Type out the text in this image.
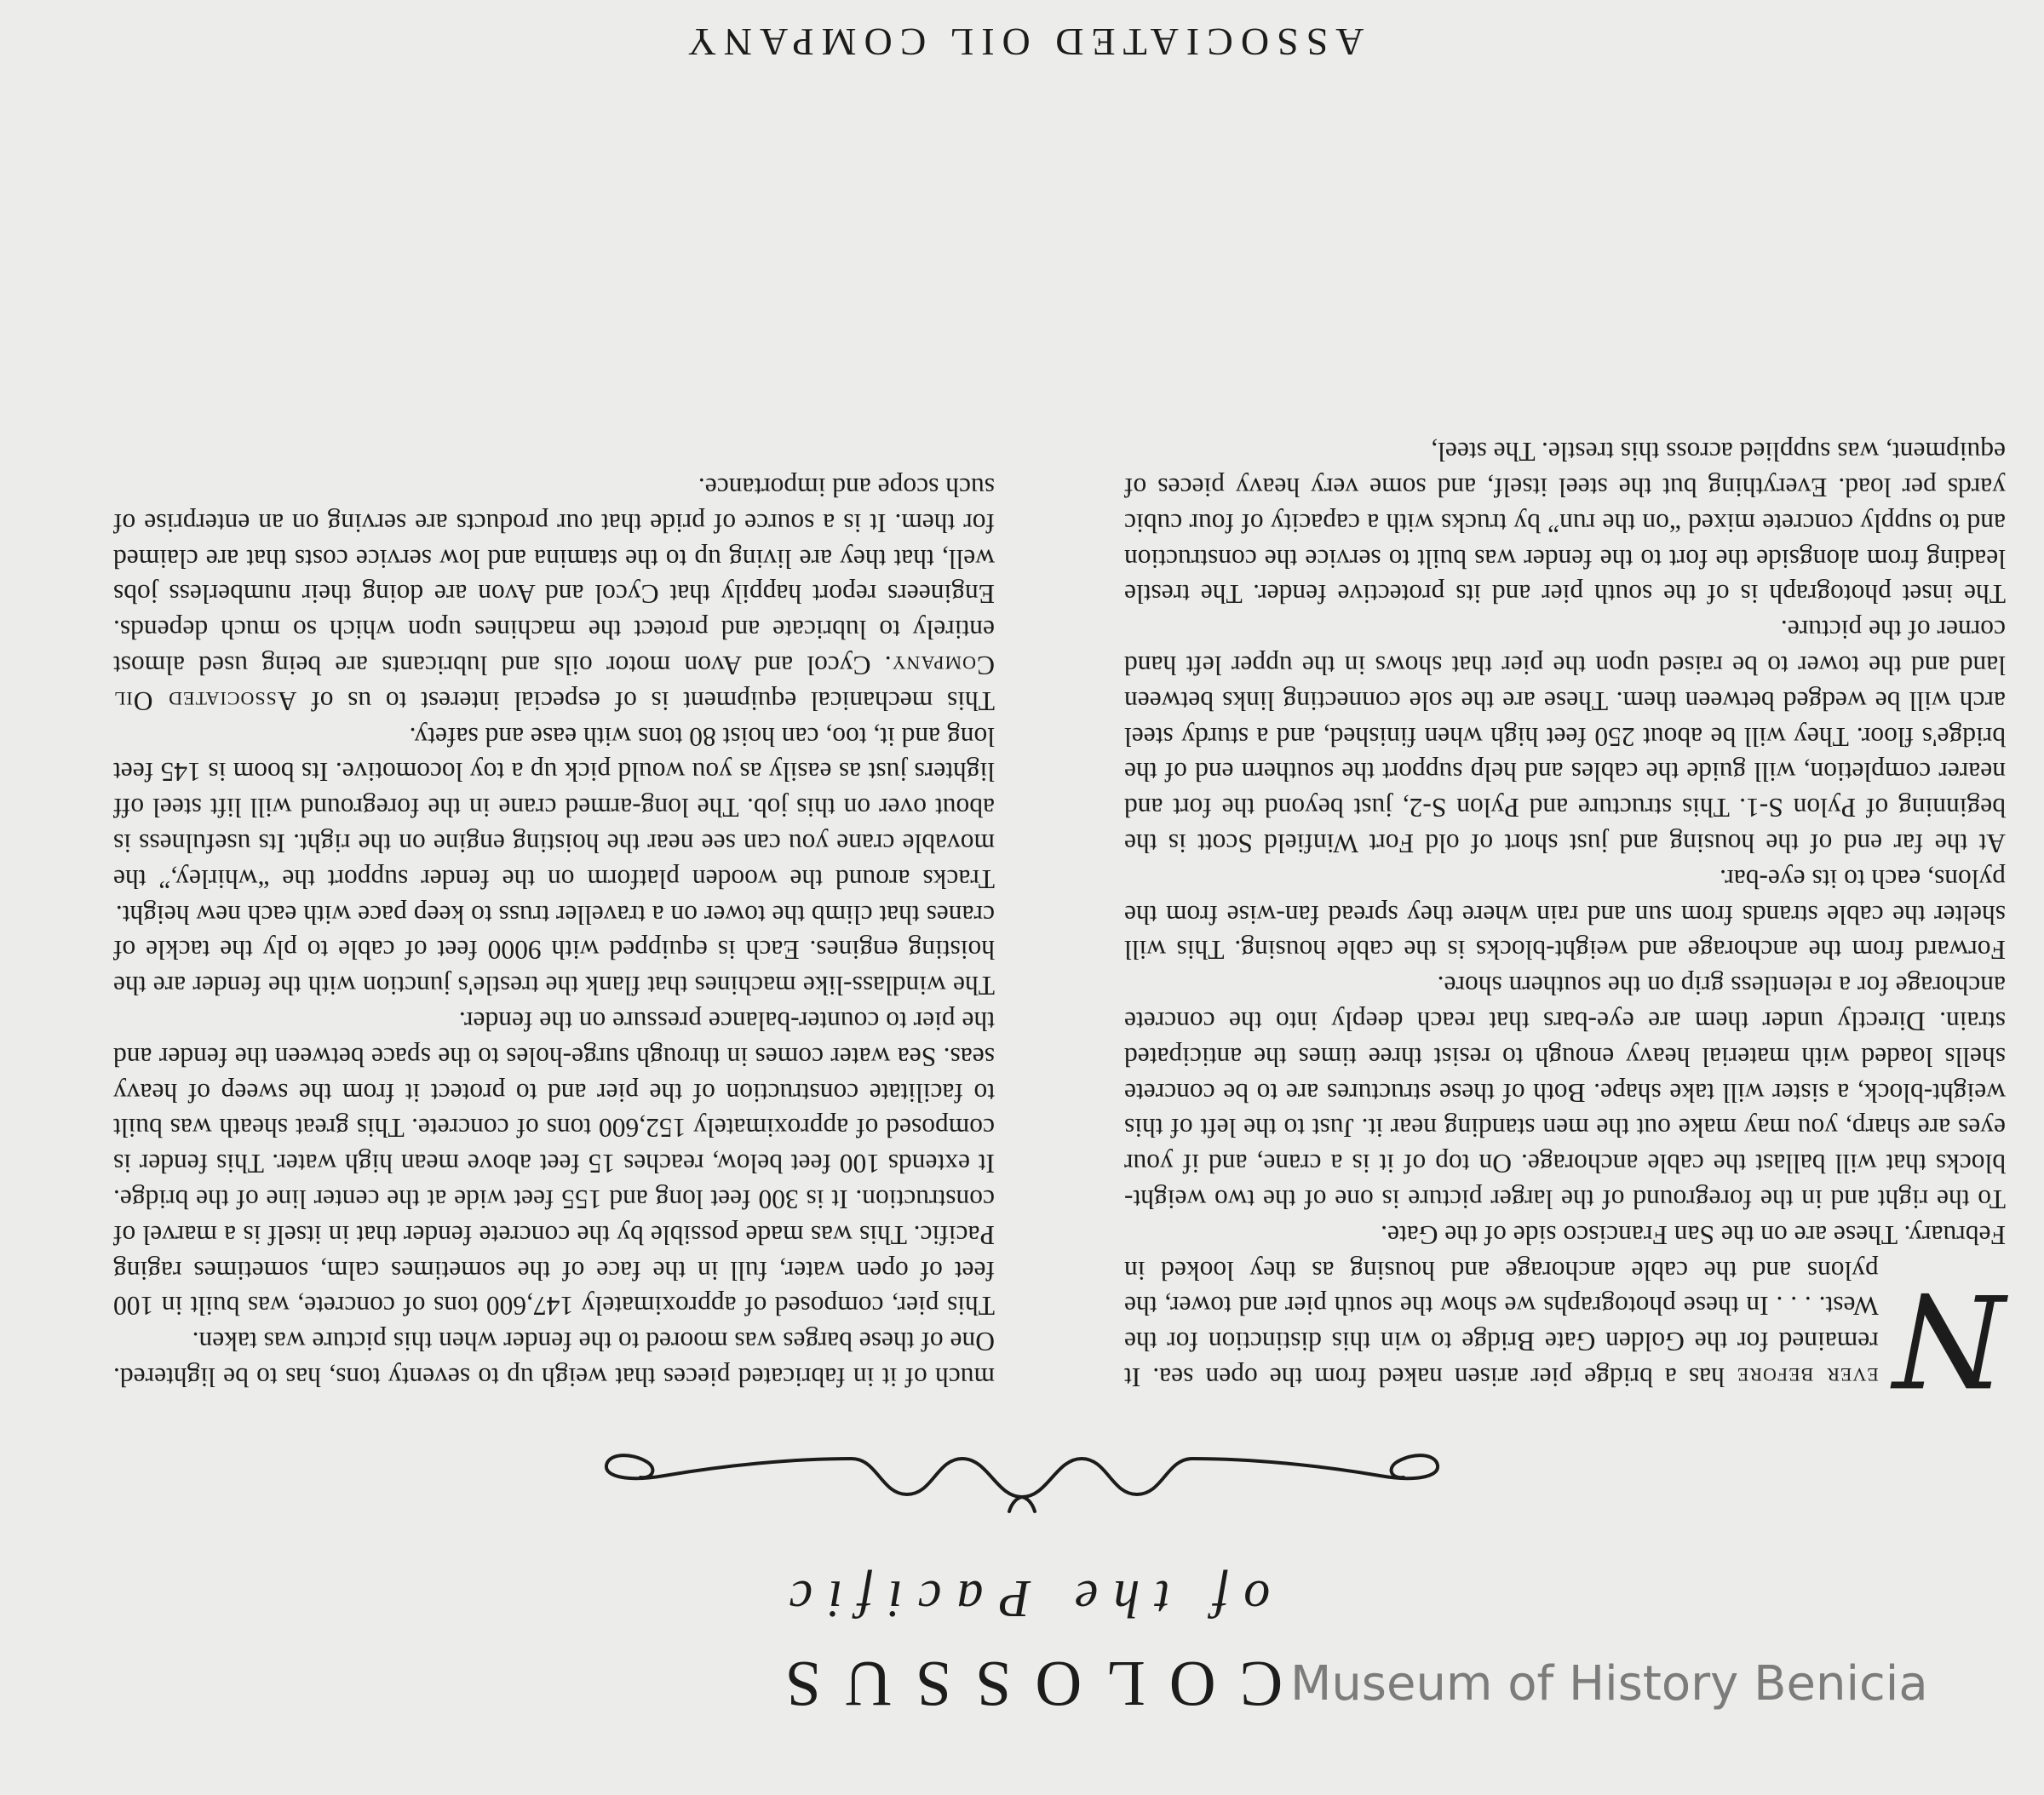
COLOSSUS
of the Pacific

N
ever before has a bridge pier arisen naked from the open sea. It remained for the Golden Gate Bridge to win this distinction for the West. . . . In these photographs we show the south pier and tower, the pylons and the cable anchorage and housing as they looked in February. These are on the San Francisco side of the Gate.

To the right and in the foreground of the larger picture is one of the two weight-blocks that will ballast the cable anchorage. On top of it is a crane, and if your eyes are sharp, you may make out the men standing near it. Just to the left of this weight-block, a sister will take shape. Both of these structures are to be concrete shells loaded with material heavy enough to resist three times the anticipated strain. Directly under them are eye-bars that reach deeply into the concrete anchorage for a relentless grip on the southern shore.

Forward from the anchorage and weight-blocks is the cable housing. This will shelter the cable strands from sun and rain where they spread fan-wise from the pylons, each to its eye-bar.

At the far end of the housing and just short of old Fort Winfield Scott is the beginning of Pylon S-1. This structure and Pylon S-2, just beyond the fort and nearer completion, will guide the cables and help support the southern end of the bridge's floor. They will be about 250 feet high when finished, and a sturdy steel arch will be wedged between them. These are the sole connecting links between land and the tower to be raised upon the pier that shows in the upper left hand corner of the picture.

The inset photograph is of the south pier and its protective fender. The trestle leading from alongside the fort to the fender was built to service the construction and to supply concrete mixed “on the run” by trucks with a capacity of four cubic yards per load. Everything but the steel itself, and some very heavy pieces of equipment, was supplied across this trestle. The steel,

much of it in fabricated pieces that weigh up to seventy tons, has to be lightered. One of these barges was moored to the fender when this picture was taken.

This pier, composed of approximately 147,600 tons of concrete, was built in 100 feet of open water, full in the face of the sometimes calm, sometimes raging Pacific. This was made possible by the concrete fender that in itself is a marvel of construction. It is 300 feet long and 155 feet wide at the center line of the bridge. It extends 100 feet below, reaches 15 feet above mean high water. This fender is composed of approximately 152,600 tons of concrete. This great sheath was built to facilitate construction of the pier and to protect it from the sweep of heavy seas. Sea water comes in through surge-holes to the space between the fender and the pier to counter-balance pressure on the fender.

The windlass-like machines that flank the trestle's junction with the fender are the hoisting engines. Each is equipped with 9000 feet of cable to ply the tackle of cranes that climb the tower on a traveller truss to keep pace with each new height.

Tracks around the wooden platform on the fender support the “whirley,” the movable crane you can see near the hoisting engine on the right. Its usefulness is about over on this job. The long-armed crane in the foreground will lift steel off lighters just as easily as you would pick up a toy locomotive. Its boom is 145 feet long and it, too, can hoist 80 tons with ease and safety.

This mechanical equipment is of especial interest to us of Associated Oil Company. Cycol and Avon motor oils and lubricants are being used almost entirely to lubricate and protect the machines upon which so much depends. Engineers report happily that Cycol and Avon are doing their numberless jobs well, that they are living up to the stamina and low service costs that are claimed for them. It is a source of pride that our products are serving on an enterprise of such scope and importance.

ASSOCIATED OIL COMPANY
Museum of History Benicia
